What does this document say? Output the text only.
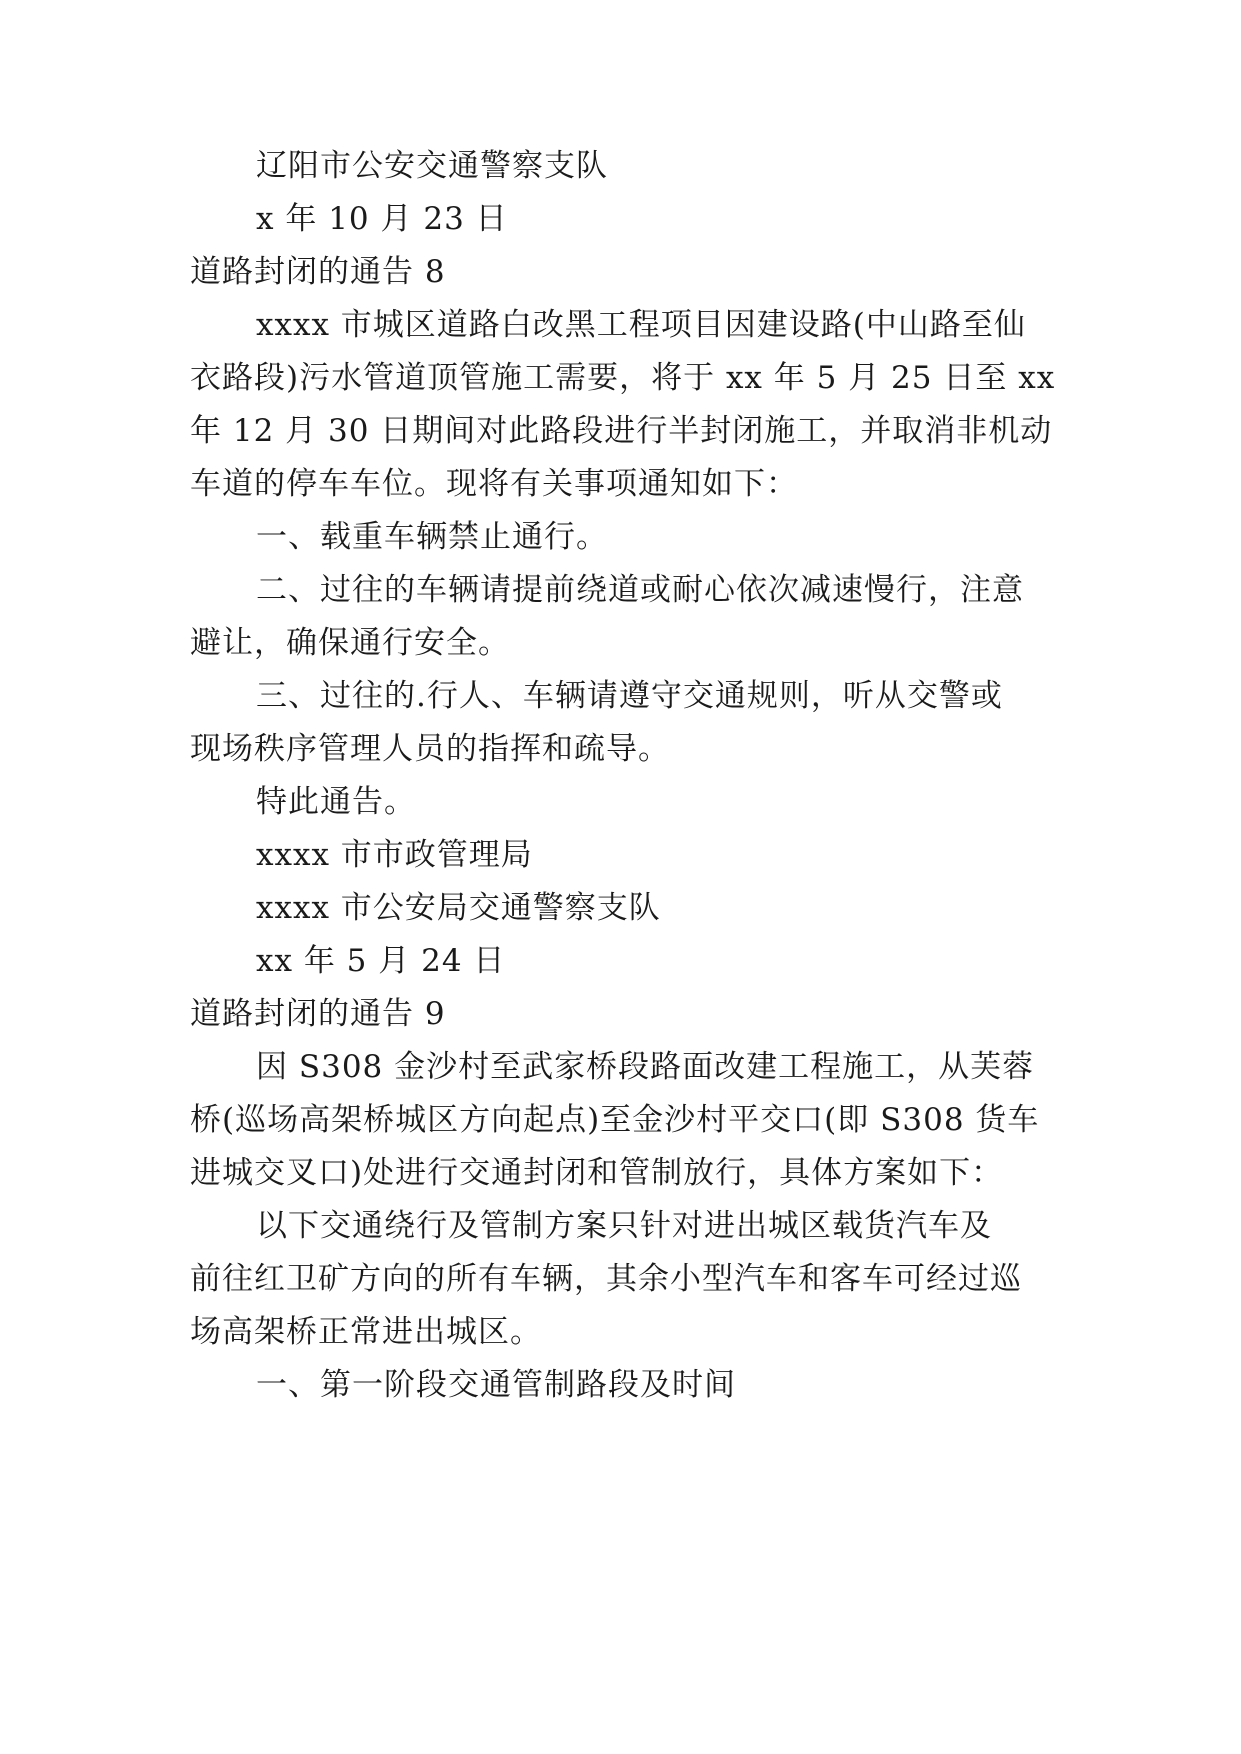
辽阳市公安交通警察支队
x 年 10 月 23 日
道路封闭的通告 8
xxxx 市城区道路白改黑工程项目因建设路(中山路至仙
衣路段)污水管道顶管施工需要，将于 xx 年 5 月 25 日至 xx
年 12 月 30 日期间对此路段进行半封闭施工，并取消非机动
车道的停车车位。现将有关事项通知如下：
一、载重车辆禁止通行。
二、过往的车辆请提前绕道或耐心依次减速慢行，注意
避让，确保通行安全。
三、过往的.行人、车辆请遵守交通规则，听从交警或
现场秩序管理人员的指挥和疏导。
特此通告。
xxxx 市市政管理局
xxxx 市公安局交通警察支队
xx 年 5 月 24 日
道路封闭的通告 9
因 S308 金沙村至武家桥段路面改建工程施工，从芙蓉
桥(巡场高架桥城区方向起点)至金沙村平交口(即 S308 货车
进城交叉口)处进行交通封闭和管制放行，具体方案如下：
以下交通绕行及管制方案只针对进出城区载货汽车及
前往红卫矿方向的所有车辆，其余小型汽车和客车可经过巡
场高架桥正常进出城区。
一、第一阶段交通管制路段及时间
